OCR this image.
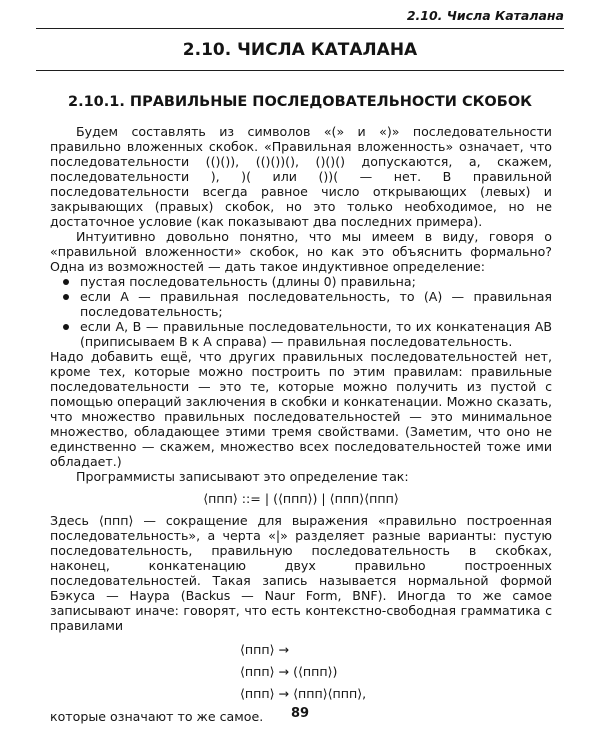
2.10. Числа Каталана
2.10. ЧИСЛА КАТАЛАНА
2.10.1. ПРАВИЛЬНЫЕ ПОСЛЕДОВАТЕЛЬНОСТИ СКОБОК

Будем составлять из символов «(» и «)» последовательности правильно вложенных скобок. «Правильная вложенность» означает, что последовательности (()()), (()())(), ()()() допускаются, а, скажем, последовательности ), )( или ())( — нет. В правильной последовательности всегда равное число открывающих (левых) и закрывающих (правых) скобок, но это только необходимое, но не достаточное условие (как показывают два последних примера).

Интуитивно довольно понятно, что мы имеем в виду, говоря о «правильной вложенности» скобок, но как это объяснить формально? Одна из возможностей — дать такое индуктивное определение:

пустая последовательность (длины 0) правильна;
если A — правильная последовательность, то (A) — правильная последовательность;
если A, B — правильные последовательности, то их конкатенация AB (приписываем B к A справа) — правильная последовательность.

Надо добавить ещё, что других правильных последовательностей нет, кроме тех, которые можно построить по этим правилам: правильные последовательности — это те, которые можно получить из пустой с помощью операций заключения в скобки и конкатенации. Можно сказать, что множество правильных последовательностей — это минимальное множество, обладающее этими тремя свойствами. (Заметим, что оно не единственно — скажем, множество всех последовательностей тоже ими обладает.)

Программисты записывают это определение так:

⟨ппп⟩ ::= | (⟨ппп⟩) | ⟨ппп⟩⟨ппп⟩

Здесь ⟨ппп⟩ — сокращение для выражения «правильно построенная последовательность», а черта «|» разделяет разные варианты: пустую последовательность, правильную последовательность в скобках, наконец, конкатенацию двух правильно построенных последовательностей. Такая запись называется нормальной формой Бэкуса — Наура (Backus — Naur Form, BNF). Иногда то же самое записывают иначе: говорят, что есть контекстно-свободная грамматика с правилами

⟨ппп⟩ →
⟨ппп⟩ → (⟨ппп⟩)
⟨ппп⟩ → ⟨ппп⟩⟨ппп⟩,

которые означают то же самое.	89
